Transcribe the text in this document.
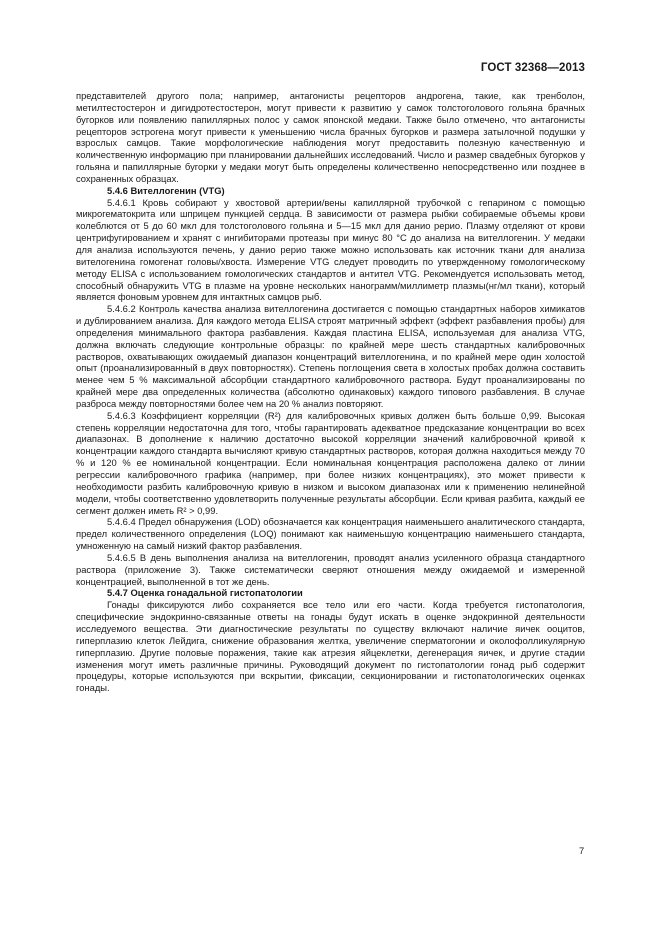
ГОСТ 32368—2013

представителей другого пола; например, антагонисты рецепторов андрогена, такие, как тренболон, метилтестостерон и дигидротестостерон, могут привести к развитию у самок толстоголового гольяна брачных бугорков или появлению папиллярных полос у самок японской медаки. Также было отмечено, что антагонисты рецепторов эстрогена могут привести к уменьшению числа брачных бугорков и размера затылочной подушки у взрослых самцов. Такие морфологические наблюдения могут предоставить полезную качественную и количественную информацию при планировании дальнейших исследований. Число и размер свадебных бугорков у гольяна и папиллярные бугорки у медаки могут быть определены количественно непосредственно или позднее в сохраненных образцах.

5.4.6 Вителлогенин (VTG)

5.4.6.1 Кровь собирают у хвостовой артерии/вены капиллярной трубочкой с гепарином с помощью микрогематокрита или шприцем пункцией сердца. В зависимости от размера рыбки собираемые объемы крови колеблются от 5 до 60 мкл для толстоголового гольяна и 5—15 мкл для данио рерио. Плазму отделяют от крови центрифугированием и хранят с ингибиторами протеазы при минус 80 °С до анализа на вителлогенин. У медаки для анализа используются печень, у данио рерио также можно использовать как источник ткани для анализа вителогенина гомогенат головы/хвоста. Измерение VTG следует проводить по утвержденному гомологическому методу ELISA с использованием гомологических стандартов и антител VTG. Рекомендуется использовать метод, способный обнаружить VTG в плазме на уровне нескольких нанограмм/миллиметр плазмы(нг/мл ткани), который является фоновым уровнем для интактных самцов рыб.

5.4.6.2 Контроль качества анализа вителлогенина достигается с помощью стандартных наборов химикатов и дублированием анализа. Для каждого метода ELISA строят матричный эффект (эффект разбавления пробы) для определения минимального фактора разбавления. Каждая пластина ELISA, используемая для анализа VTG, должна включать следующие контрольные образцы: по крайней мере шесть стандартных калибровочных растворов, охватывающих ожидаемый диапазон концентраций вителлогенина, и по крайней мере один холостой опыт (проанализированный в двух повторностях). Степень поглощения света в холостых пробах должна составить менее чем 5 % максимальной абсорбции стандартного калибровочного раствора. Будут проанализированы по крайней мере два определенных количества (абсолютно одинаковых) каждого типового разбавления. В случае разброса между повторностями более чем на 20 % анализ повторяют.

5.4.6.3 Коэффициент корреляции (R²) для калибровочных кривых должен быть больше 0,99. Высокая степень корреляции недостаточна для того, чтобы гарантировать адекватное предсказание концентрации во всех диапазонах. В дополнение к наличию достаточно высокой корреляции значений калибровочной кривой к концентрации каждого стандарта вычисляют кривую стандартных растворов, которая должна находиться между 70 % и 120 % ее номинальной концентрации. Если номинальная концентрация расположена далеко от линии регрессии калибровочного графика (например, при более низких концентрациях), это может привести к необходимости разбить калибровочную кривую в низком и высоком диапазонах или к применению нелинейной модели, чтобы соответственно удовлетворить полученные результаты абсорбции. Если кривая разбита, каждый ее сегмент должен иметь R² > 0,99.

5.4.6.4 Предел обнаружения (LOD) обозначается как концентрация наименьшего аналитического стандарта, предел количественного определения (LOQ) понимают как наименьшую концентрацию наименьшего стандарта, умноженную на самый низкий фактор разбавления.

5.4.6.5 В день выполнения анализа на вителлогенин, проводят анализ усиленного образца стандартного раствора (приложение 3). Также систематически сверяют отношения между ожидаемой и измеренной концентрацией, выполненной в тот же день.

5.4.7 Оценка гонадальной гистопатологии

Гонады фиксируются либо сохраняется все тело или его части. Когда требуется гистопатология, специфические эндокринно-связанные ответы на гонады будут искать в оценке эндокринной деятельности исследуемого вещества. Эти диагностические результаты по существу включают наличие яичек ооцитов, гиперплазию клеток Лейдига, снижение образования желтка, увеличение сперматогонии и околофолликулярную гиперплазию. Другие половые поражения, такие как атрезия яйцеклетки, дегенерация яичек, и другие стадии изменения могут иметь различные причины. Руководящий документ по гистопатологии гонад рыб содержит процедуры, которые используются при вскрытии, фиксации, секционировании и гистопатологических оценках гонады.

7
